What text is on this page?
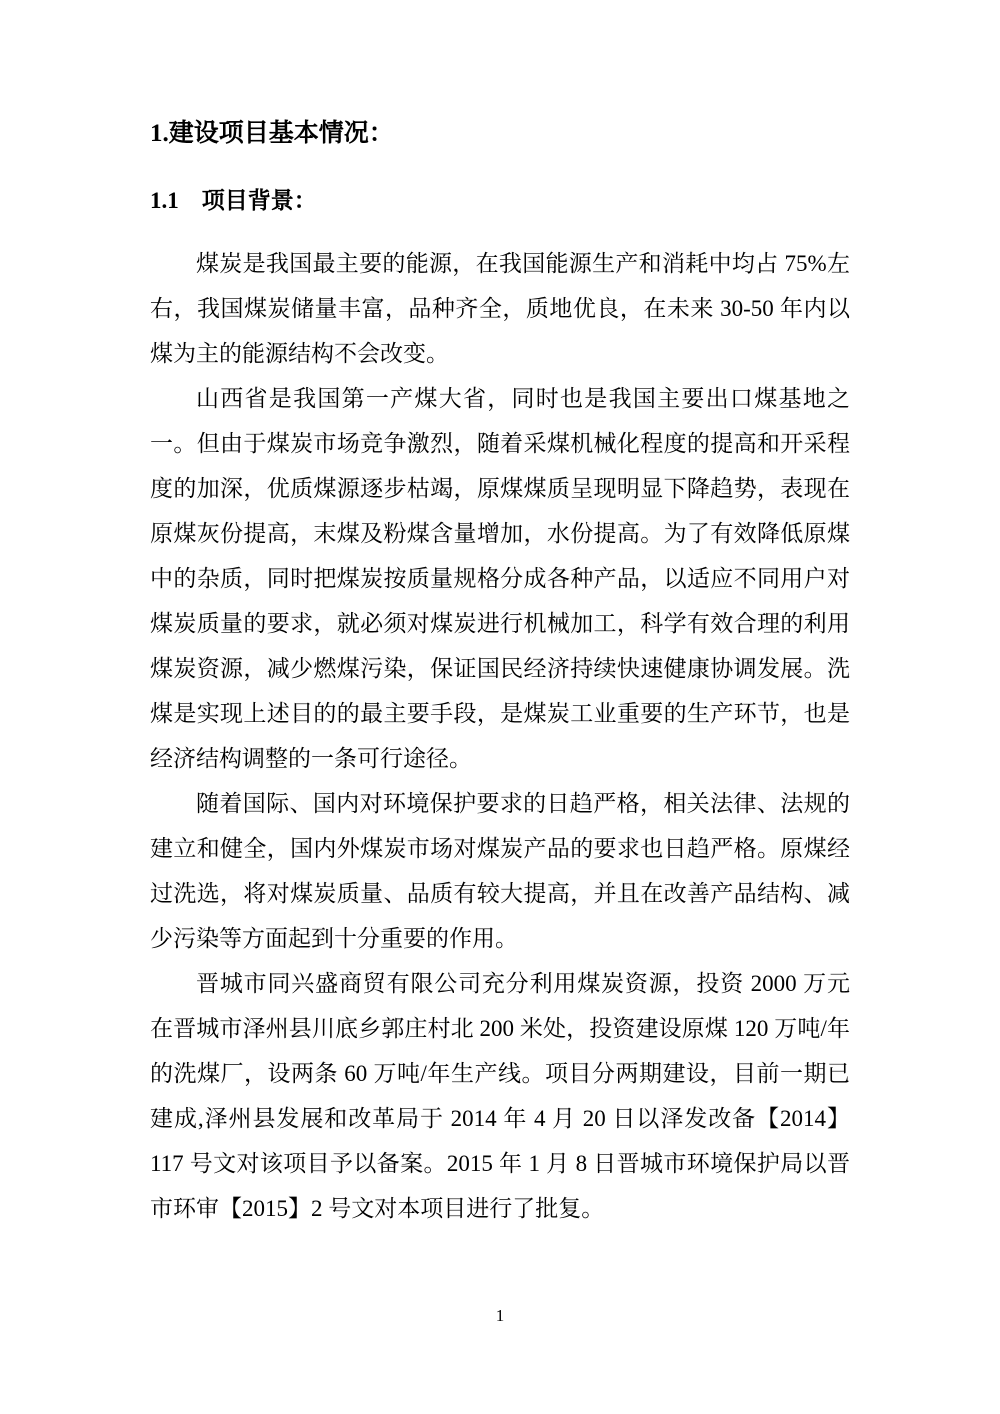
1.建设项目基本情况：
1.1　项目背景：

煤炭是我国最主要的能源，在我国能源生产和消耗中均占 75%左右，我国煤炭储量丰富，品种齐全，质地优良，在未来 30-50 年内以煤为主的能源结构不会改变。

山西省是我国第一产煤大省，同时也是我国主要出口煤基地之一。但由于煤炭市场竞争激烈，随着采煤机械化程度的提高和开采程度的加深，优质煤源逐步枯竭，原煤煤质呈现明显下降趋势，表现在原煤灰份提高，末煤及粉煤含量增加，水份提高。为了有效降低原煤中的杂质，同时把煤炭按质量规格分成各种产品，以适应不同用户对煤炭质量的要求，就必须对煤炭进行机械加工，科学有效合理的利用煤炭资源，减少燃煤污染，保证国民经济持续快速健康协调发展。洗煤是实现上述目的的最主要手段，是煤炭工业重要的生产环节，也是经济结构调整的一条可行途径。

随着国际、国内对环境保护要求的日趋严格，相关法律、法规的建立和健全，国内外煤炭市场对煤炭产品的要求也日趋严格。原煤经过洗选，将对煤炭质量、品质有较大提高，并且在改善产品结构、减少污染等方面起到十分重要的作用。

晋城市同兴盛商贸有限公司充分利用煤炭资源，投资 2000 万元在晋城市泽州县川底乡郭庄村北 200 米处，投资建设原煤 120 万吨/年的洗煤厂，设两条 60 万吨/年生产线。项目分两期建设，目前一期已建成,泽州县发展和改革局于 2014 年 4 月 20 日以泽发改备【2014】117 号文对该项目予以备案。2015 年 1 月 8 日晋城市环境保护局以晋市环审【2015】2 号文对本项目进行了批复。

1
